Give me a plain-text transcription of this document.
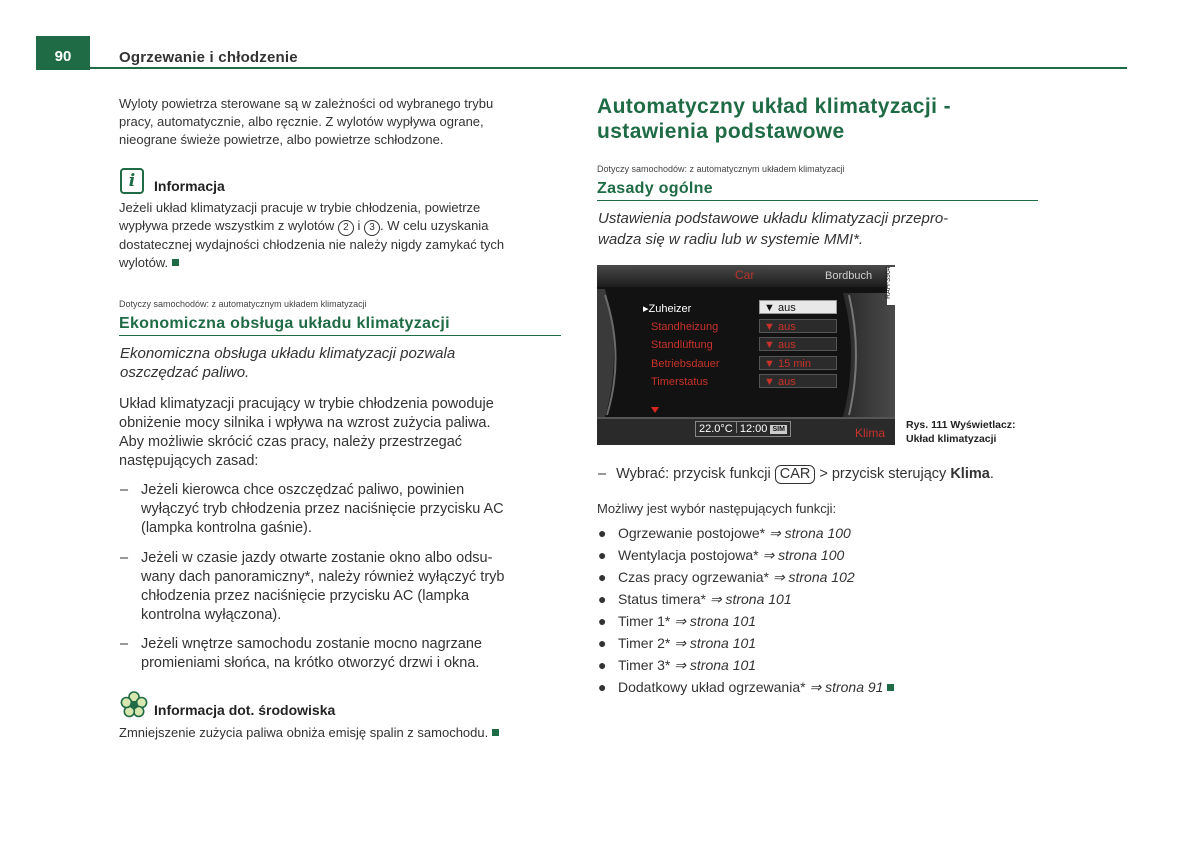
90	Ogrzewanie i chłodzenie
Wyloty powietrza sterowane są w zależności od wybranego trybu
pracy, automatycznie, albo ręcznie. Z wylotów wypływa ograne,
nieograne świeże powietrze, albo powietrze schłodzone.
i	Informacja
Jeżeli układ klimatyzacji pracuje w trybie chłodzenia, powietrze
wypływa przede wszystkim z wylotów 2 i 3 . W celu uzyskania
dostatecznej wydajności chłodzenia nie należy nigdy zamykać tych
wylotów.
Dotyczy samochodów: z automatycznym układem klimatyzacji
Ekonomiczna obsługa układu klimatyzacji
Ekonomiczna obsługa układu klimatyzacji pozwala
oszczędzać paliwo.
Układ klimatyzacji pracujący w trybie chłodzenia powoduje
obniżenie mocy silnika i wpływa na wzrost zużycia paliwa.
Aby możliwie skrócić czas pracy, należy przestrzegać
następujących zasad:
– Jeżeli kierowca chce oszczędzać paliwo, powinien
wyłączyć tryb chłodzenia przez naciśnięcie przycisku AC
(lampka kontrolna gaśnie).
– Jeżeli w czasie jazdy otwarte zostanie okno albo odsu-
wany dach panoramiczny*, należy również wyłączyć tryb
chłodzenia przez naciśnięcie przycisku AC (lampka
kontrolna wyłączona).
– Jeżeli wnętrze samochodu zostanie mocno nagrzane
promieniami słońca, na krótko otworzyć drzwi i okna.
Informacja dot. środowiska
Zmniejszenie zużycia paliwa obniża emisję spalin z samochodu.
Automatyczny układ klimatyzacji -
ustawienia podstawowe
Dotyczy samochodów: z automatycznym układem klimatyzacji
Zasady ogólne
Ustawienia podstawowe układu klimatyzacji przepro-
wadza się w radiu lub w systemie MMI*.
Car	Bordbuch RAH-3964
▸Zuheizer	▼ aus
Standheizung	▼ aus
Standlüftung	▼ aus
Betriebsdauer	▼ 15 min
Timerstatus	▼ aus
22.0°C 12:00 SIM	Klima
Rys. 111 Wyświetlacz:
Układ klimatyzacji
– Wybrać: przycisk funkcji CAR > przycisk sterujący Klima.
Możliwy jest wybór następujących funkcji:
● Ogrzewanie postojowe* ⇒ strona 100
● Wentylacja postojowa* ⇒ strona 100
● Czas pracy ogrzewania* ⇒ strona 102
● Status timera* ⇒ strona 101
● Timer 1* ⇒ strona 101
● Timer 2* ⇒ strona 101
● Timer 3* ⇒ strona 101
● Dodatkowy układ ogrzewania* ⇒ strona 91
